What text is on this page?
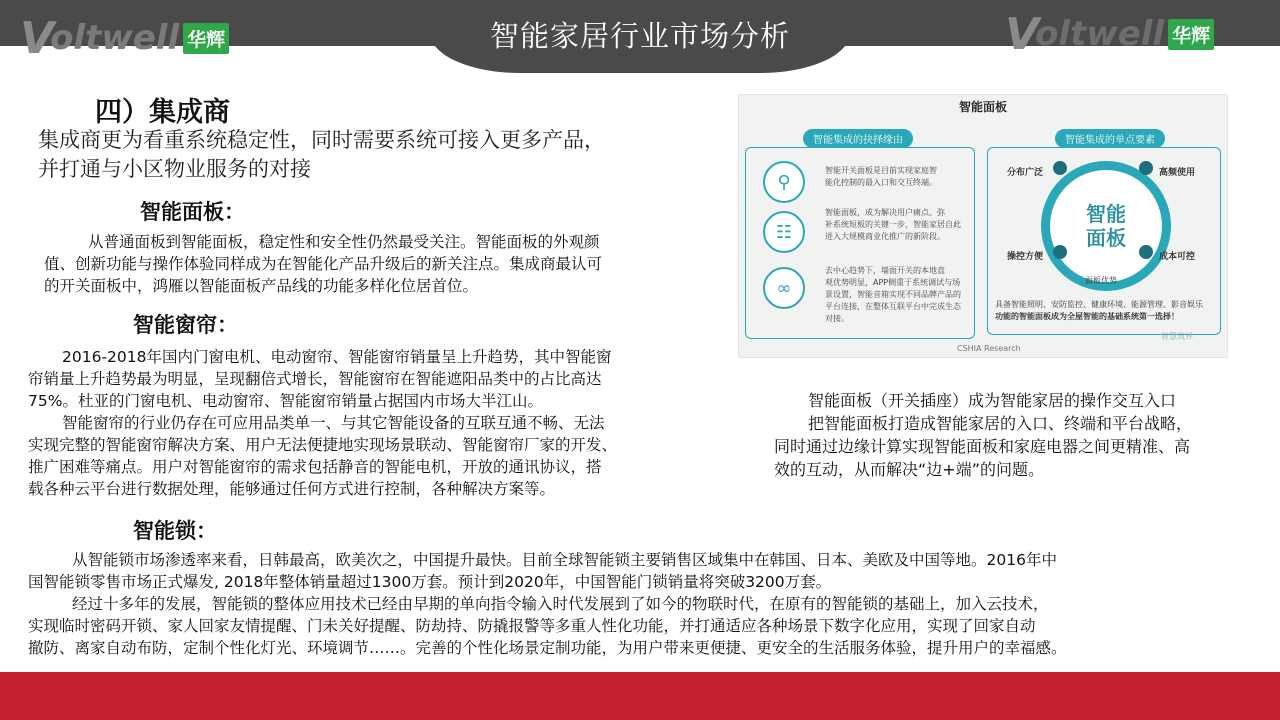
智能家居行业市场分析
V
oltwell 华辉	V
oltwell 华辉
四）集成商
集成商更为看重系统稳定性，同时需要系统可接入更多产品，
并打通与小区物业服务的对接
智能面板：
从普通面板到智能面板，稳定性和安全性仍然最受关注。智能面板的外观颜
值、创新功能与操作体验同样成为在智能化产品升级后的新关注点。集成商最认可
的开关面板中，鸿雁以智能面板产品线的功能多样化位居首位。
智能窗帘：
2016-2018年国内门窗电机、电动窗帘、智能窗帘销量呈上升趋势，其中智能窗
帘销量上升趋势最为明显，呈现翻倍式增长，智能窗帘在智能遮阳品类中的占比高达
75%。杜亚的门窗电机、电动窗帘、智能窗帘销量占据国内市场大半江山。
智能窗帘的行业仍存在可应用品类单一、与其它智能设备的互联互通不畅、无法
实现完整的智能窗帘解决方案、用户无法便捷地实现场景联动、智能窗帘厂家的开发、
推广困难等痛点。用户对智能窗帘的需求包括静音的智能电机，开放的通讯协议，搭
载各种云平台进行数据处理，能够通过任何方式进行控制，各种解决方案等。
智能锁：
从智能锁市场渗透率来看，日韩最高，欧美次之，中国提升最快。目前全球智能锁主要销售区域集中在韩国、日本、美欧及中国等地。2016年中
国智能锁零售市场正式爆发, 2018年整体销量超过1300万套。预计到2020年，中国智能门锁销量将突破3200万套。
经过十多年的发展，智能锁的整体应用技术已经由早期的单向指令输入时代发展到了如今的物联时代，在原有的智能锁的基础上，加入云技术，
实现临时密码开锁、家人回家友情提醒、门未关好提醒、防劫持、防撬报警等多重人性化功能，并打通适应各种场景下数字化应用，实现了回家自动
撤防、离家自动布防，定制个性化灯光、环境调节……。完善的个性化场景定制功能，为用户带来更便捷、更安全的生活服务体验，提升用户的幸福感。
智能面板
智能集成的抉择缘由
⚲
智能开关面板是目前实现家庭智
能化控制的最入口和交互终端。
☷
智能面板，成为解决用户痛点、弥
补系统短板的关键一步，智能家居自此
进入大规模商业化推广的新阶段。
∞
去中心趋势下，墙面开关的本地直
观优势明显，APP侧重于系统调试与场
景设置，智能音箱实现不同品牌产品的
平台连接，在整体互联平台中完成生态
对接。
智能集成的单点要素
智能面板
分布广泛	高频使用
操控方便	成本可控
面板优势
具备智能照明、安防监控、健康环境、能源管理、影音娱乐
功能的智能面板成为全屋智能的基础系统第一选择！
CSHIA Research
智慧筑界
智能面板（开关插座）成为智能家居的操作交互入口
把智能面板打造成智能家居的入口、终端和平台战略，
同时通过边缘计算实现智能面板和家庭电器之间更精准、高
效的互动，从而解决“边+端”的问题。
